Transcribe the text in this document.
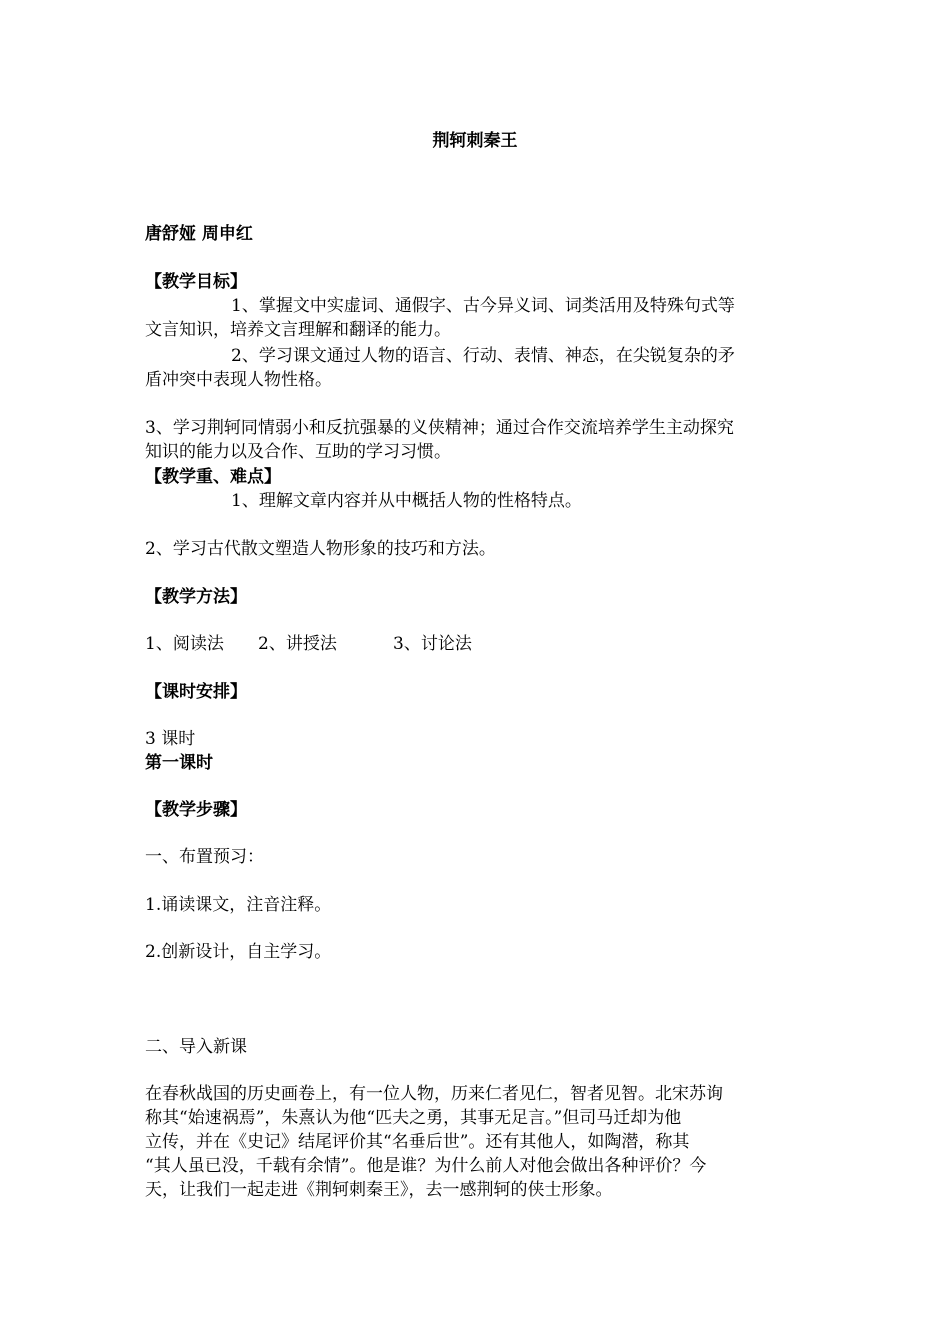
荆轲刺秦王
唐舒娅 周申红
【教学目标】
1、掌握文中实虚词、通假字、古今异义词、词类活用及特殊句式等
文言知识，培养文言理解和翻译的能力。
2、学习课文通过人物的语言、行动、表情、神态，在尖锐复杂的矛
盾冲突中表现人物性格。
3、学习荆轲同情弱小和反抗强暴的义侠精神；通过合作交流培养学生主动探究
知识的能力以及合作、互助的学习习惯。
【教学重、难点】
1、理解文章内容并从中概括人物的性格特点。
2、学习古代散文塑造人物形象的技巧和方法。
【教学方法】
1、阅读法 2、讲授法	3、讨论法
【课时安排】
3 课时
第一课时
【教学步骤】
一、布置预习：
1.诵读课文，注音注释。
2.创新设计，自主学习。
二、导入新课
在春秋战国的历史画卷上，有一位人物，历来仁者见仁，智者见智。北宋苏询
称其“始速祸焉”，朱熹认为他“匹夫之勇，其事无足言。”但司马迁却为他
立传，并在《史记》结尾评价其“名垂后世”。还有其他人，如陶潜，称其
“其人虽已没，千载有余情”。他是谁？为什么前人对他会做出各种评价？今
天，让我们一起走进《荆轲刺秦王》，去一感荆轲的侠士形象。
